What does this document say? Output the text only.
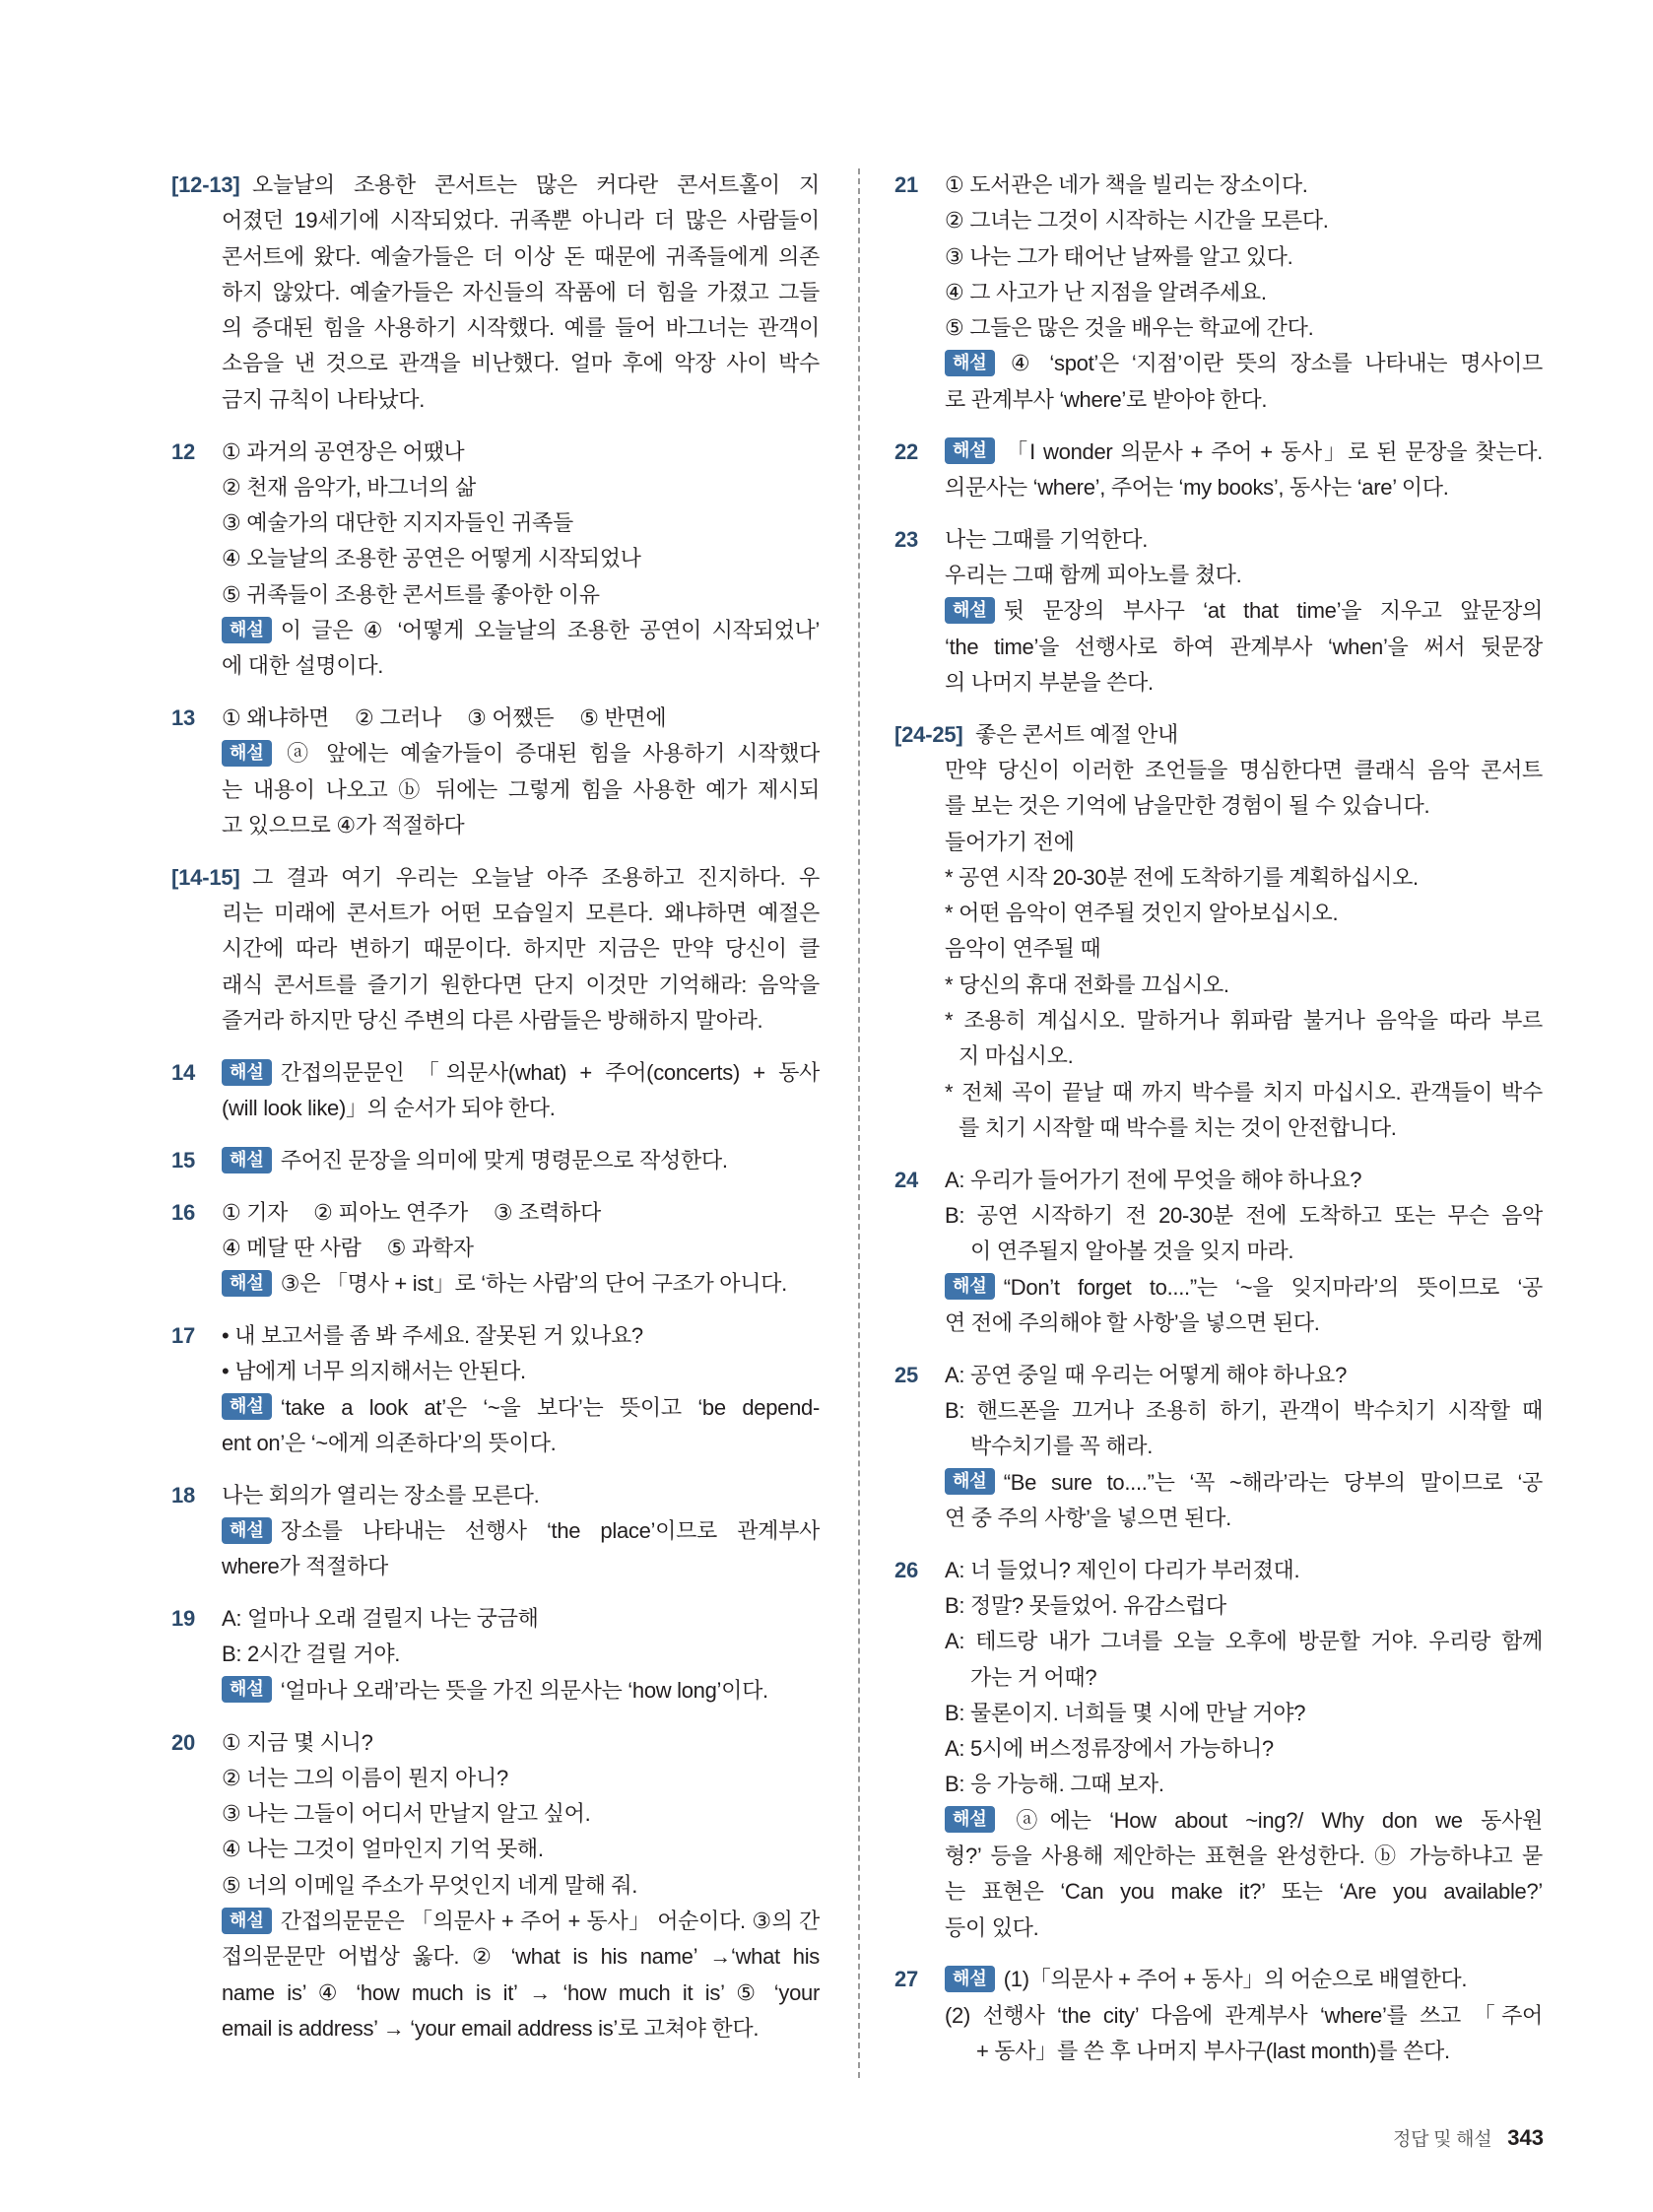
[12-13] 오늘날의 조용한 콘서트는 많은 커다란 콘서트홀이 지
어졌던 19세기에 시작되었다. 귀족뿐 아니라 더 많은 사람들이
콘서트에 왔다. 예술가들은 더 이상 돈 때문에 귀족들에게 의존
하지 않았다. 예술가들은 자신들의 작품에 더 힘을 가졌고 그들
의 증대된 힘을 사용하기 시작했다. 예를 들어 바그너는 관객이
소음을 낸 것으로 관객을 비난했다. 얼마 후에 악장 사이 박수
금지 규칙이 나타났다.
12 ① 과거의 공연장은 어땠나
② 천재 음악가, 바그너의 삶
③ 예술가의 대단한 지지자들인 귀족들
④ 오늘날의 조용한 공연은 어떻게 시작되었나
⑤ 귀족들이 조용한 콘서트를 좋아한 이유
해설 이 글은 ④ ‘어떻게 오늘날의 조용한 공연이 시작되었나’
에 대한 설명이다.
13 ① 왜냐하면 ② 그러나 ③ 어쨌든 ⑤ 반면에
해설 ⓐ 앞에는 예술가들이 증대된 힘을 사용하기 시작했다
는 내용이 나오고 ⓑ 뒤에는 그렇게 힘을 사용한 예가 제시되
고 있으므로 ④가 적절하다
[14-15] 그 결과 여기 우리는 오늘날 아주 조용하고 진지하다. 우
리는 미래에 콘서트가 어떤 모습일지 모른다. 왜냐하면 예절은
시간에 따라 변하기 때문이다. 하지만 지금은 만약 당신이 클
래식 콘서트를 즐기기 원한다면 단지 이것만 기억해라: 음악을
즐거라 하지만 당신 주변의 다른 사람들은 방해하지 말아라.
14	해설 간접의문문인 「의문사(what) + 주어(concerts) + 동사
(will look like)」의 순서가 되야 한다.
15	해설 주어진 문장을 의미에 맞게 명령문으로 작성한다.
16 ① 기자 ② 피아노 연주가 ③ 조력하다
④ 메달 딴 사람 ⑤ 과학자
해설 ③은 「명사 + ist」로 ‘하는 사람’의 단어 구조가 아니다.
17 • 내 보고서를 좀 봐 주세요. 잘못된 거 있나요?
• 남에게 너무 의지해서는 안된다.
해설 ‘take a look at’은 ‘~을 보다’는 뜻이고 ‘be depend-
ent on’은 ‘~에게 의존하다’의 뜻이다.
18 나는 회의가 열리는 장소를 모른다.
해설 장소를 나타내는 선행사 ‘the place’이므로 관계부사
where가 적절하다
19 A: 얼마나 오래 걸릴지 나는 궁금해
B: 2시간 걸릴 거야.
해설 ‘얼마나 오래’라는 뜻을 가진 의문사는 ‘how long’이다.
20 ① 지금 몇 시니?
② 너는 그의 이름이 뭔지 아니?
③ 나는 그들이 어디서 만날지 알고 싶어.
④ 나는 그것이 얼마인지 기억 못해.
⑤ 너의 이메일 주소가 무엇인지 네게 말해 줘.
해설 간접의문문은 「의문사 + 주어 + 동사」 어순이다. ③의 간
접의문문만 어법상 옳다. ② ‘what is his name’ →‘what his
name is’ ④ ‘how much is it’ → ‘how much it is’ ⑤ ‘your
email is address’ → ‘your email address is’로 고쳐야 한다.
21 ① 도서관은 네가 책을 빌리는 장소이다.
② 그녀는 그것이 시작하는 시간을 모른다.
③ 나는 그가 태어난 날짜를 알고 있다.
④ 그 사고가 난 지점을 알려주세요.
⑤ 그들은 많은 것을 배우는 학교에 간다.
해설 ④ ‘spot’은 ‘지점’이란 뜻의 장소를 나타내는 명사이므
로 관계부사 ‘where’로 받아야 한다.
22	해설 「I wonder 의문사 + 주어 + 동사」로 된 문장을 찾는다.
의문사는 ‘where’, 주어는 ‘my books’, 동사는 ‘are’ 이다.
23 나는 그때를 기억한다.
우리는 그때 함께 피아노를 쳤다.
해설 뒷 문장의 부사구 ‘at that time’을 지우고 앞문장의
‘the time’을 선행사로 하여 관계부사 ‘when’을 써서 뒷문장
의 나머지 부분을 쓴다.
[24-25] 좋은 콘서트 예절 안내
만약 당신이 이러한 조언들을 명심한다면 클래식 음악 콘서트
를 보는 것은 기억에 남을만한 경험이 될 수 있습니다.
들어가기 전에
* 공연 시작 20-30분 전에 도착하기를 계획하십시오.
* 어떤 음악이 연주될 것인지 알아보십시오.
음악이 연주될 때
* 당신의 휴대 전화를 끄십시오.
* 조용히 계십시오. 말하거나 휘파람 불거나 음악을 따라 부르
지 마십시오.
* 전체 곡이 끝날 때 까지 박수를 치지 마십시오. 관객들이 박수
를 치기 시작할 때 박수를 치는 것이 안전합니다.
24 A: 우리가 들어가기 전에 무엇을 해야 하나요?
B: 공연 시작하기 전 20-30분 전에 도착하고 또는 무슨 음악
이 연주될지 알아볼 것을 잊지 마라.
해설 “Don’t forget to....”는 ‘~을 잊지마라’의 뜻이므로 ‘공
연 전에 주의해야 할 사항’을 넣으면 된다.
25 A: 공연 중일 때 우리는 어떻게 해야 하나요?
B: 핸드폰을 끄거나 조용히 하기, 관객이 박수치기 시작할 때
박수치기를 꼭 해라.
해설 “Be sure to....”는 ‘꼭 ~해라’라는 당부의 말이므로 ‘공
연 중 주의 사항’을 넣으면 된다.
26 A: 너 들었니? 제인이 다리가 부러졌대.
B: 정말? 못들었어. 유감스럽다
A: 테드랑 내가 그녀를 오늘 오후에 방문할 거야. 우리랑 함께
가는 거 어때?
B: 물론이지. 너희들 몇 시에 만날 거야?
A: 5시에 버스정류장에서 가능하니?
B: 응 가능해. 그때 보자.
해설 ⓐ에는 ‘How about ~ing?/ Why don we 동사원
형?’ 등을 사용해 제안하는 표현을 완성한다. ⓑ 가능하냐고 묻
는 표현은 ‘Can you make it?’ 또는 ‘Are you available?’
등이 있다.
27	해설 (1)「의문사 + 주어 + 동사」의 어순으로 배열한다.
(2) 선행사 ‘the city’ 다음에 관계부사 ‘where’를 쓰고 「주어
+ 동사」를 쓴 후 나머지 부사구(last month)를 쓴다.
정답 및 해설 343
